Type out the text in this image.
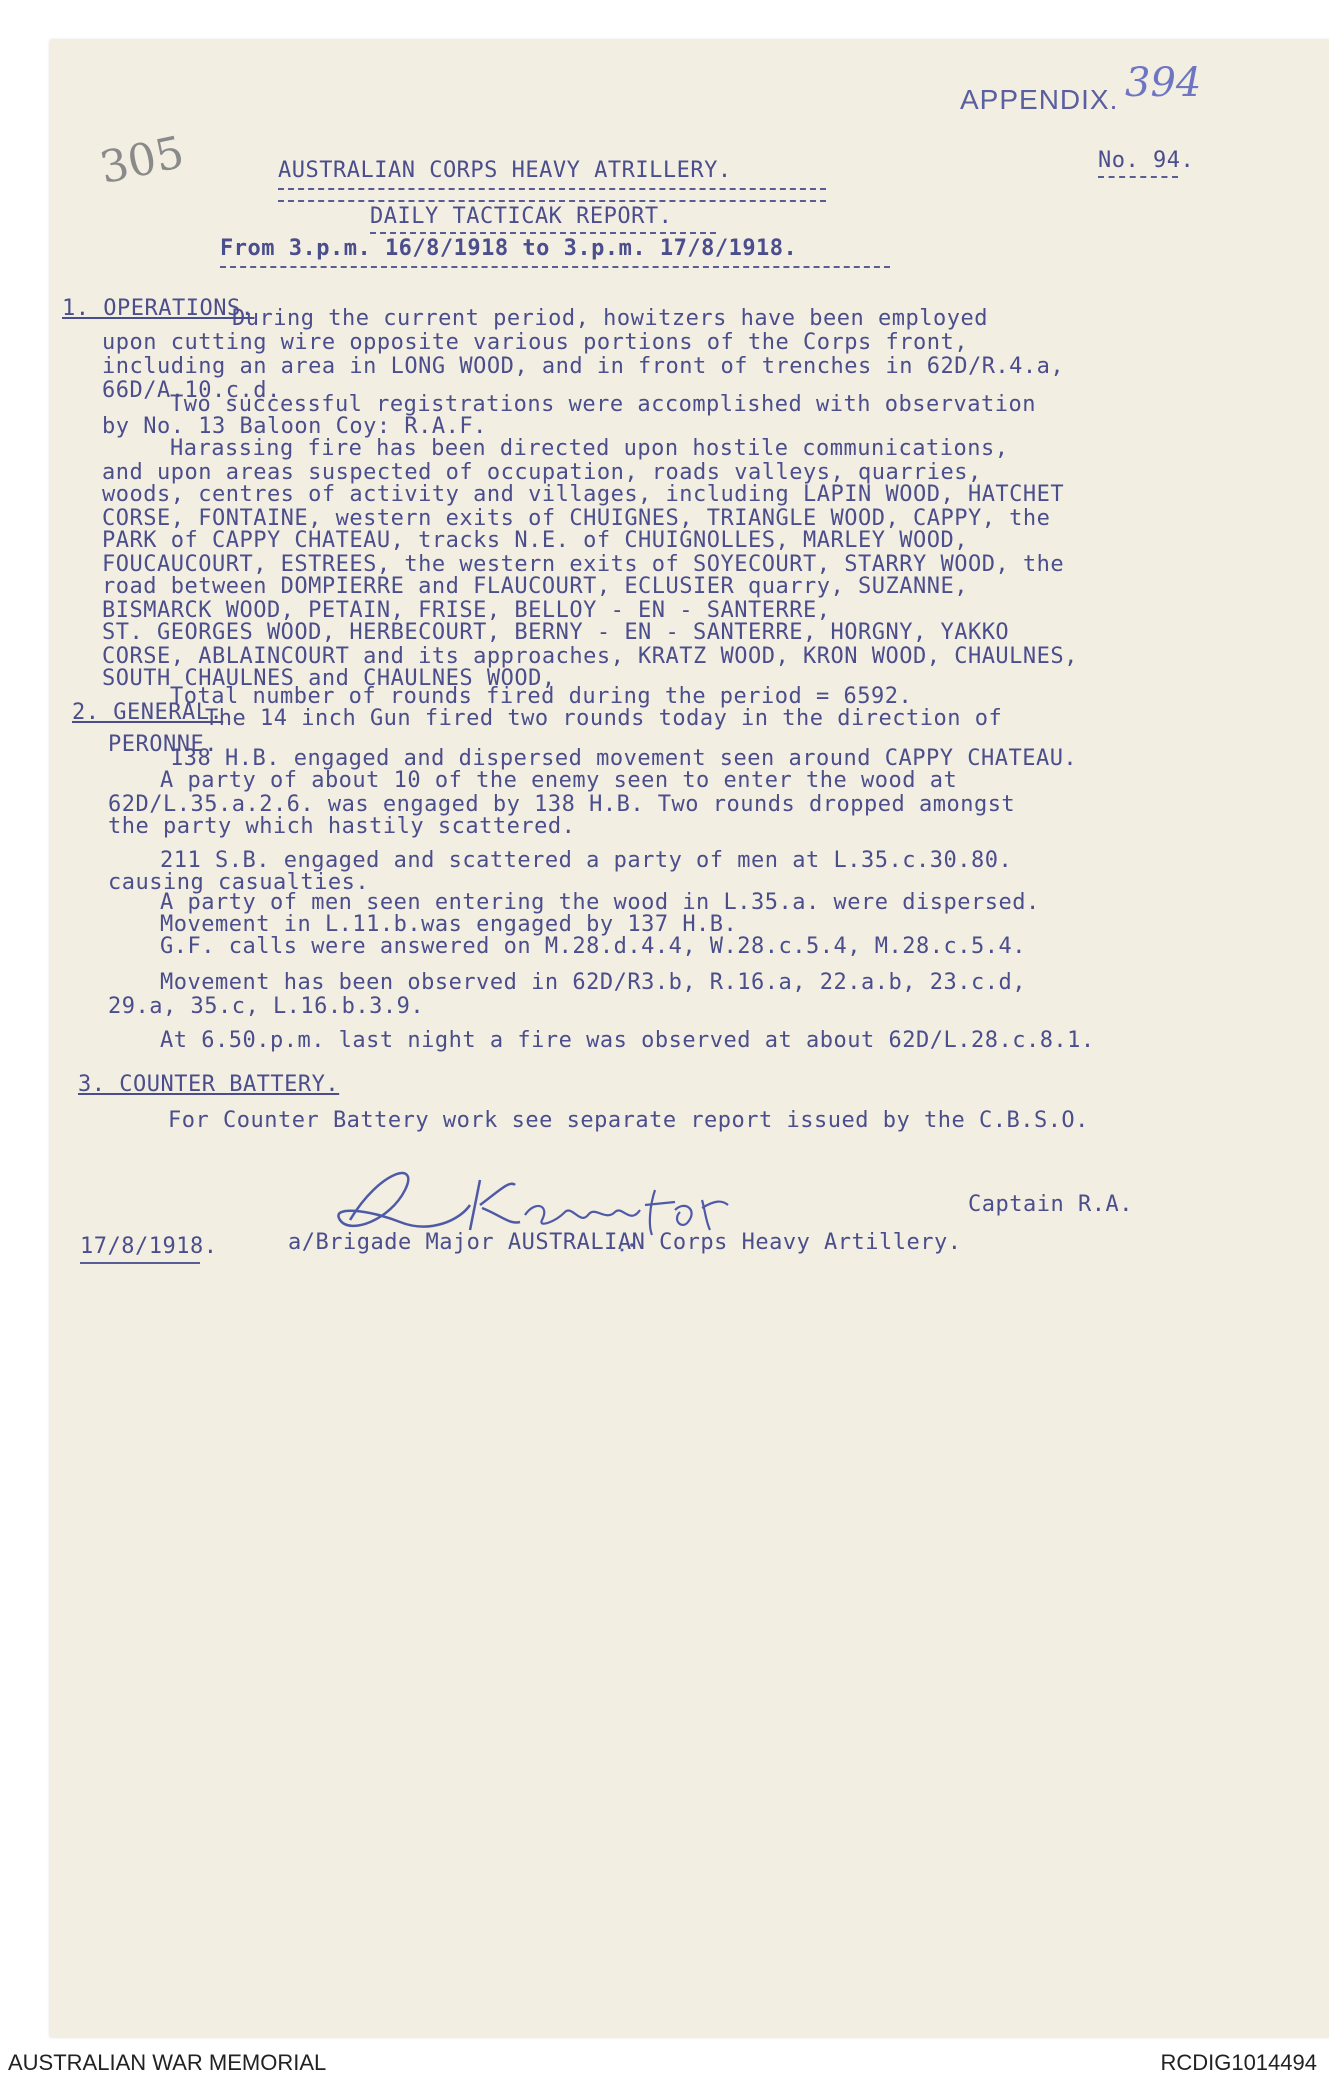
APPENDIX. 394
305	AUSTRALIAN CORPS HEAVY ATRILLERY.	No. 94.
DAILY TACTICAK REPORT.
From 3.p.m. 16/8/1918 to 3.p.m. 17/8/1918.
1. OPERATIONS.
During the current period, howitzers have been employed
upon cutting wire opposite various portions of the Corps front,
including an area in LONG WOOD, and in front of trenches in 62D/R.4.a,
66D/A.10.c.d.
Two successful registrations were accomplished with observation
by No. 13 Baloon Coy: R.A.F.
Harassing fire has been directed upon hostile communications,
and upon areas suspected of occupation, roads valleys, quarries,
woods, centres of activity and villages, including LAPIN WOOD, HATCHET
CORSE, FONTAINE, western exits of CHUIGNES, TRIANGLE WOOD, CAPPY, the
PARK of CAPPY CHATEAU, tracks N.E. of CHUIGNOLLES, MARLEY WOOD,
FOUCAUCOURT, ESTREES, the western exits of SOYECOURT, STARRY WOOD, the
road between DOMPIERRE and FLAUCOURT, ECLUSIER quarry, SUZANNE,
BISMARCK WOOD, PETAIN, FRISE, BELLOY - EN - SANTERRE,
ST. GEORGES WOOD, HERBECOURT, BERNY - EN - SANTERRE, HORGNY, YAKKO
CORSE, ABLAINCOURT and its approaches, KRATZ WOOD, KRON WOOD, CHAULNES,
SOUTH CHAULNES and CHAULNES WOOD,
Total number of rounds fired during the period = 6592.
2. GENERAL.
The 14 inch Gun fired two rounds today in the direction of
PERONNE.
138 H.B. engaged and dispersed movement seen around CAPPY CHATEAU.
A party of about 10 of the enemy seen to enter the wood at
62D/L.35.a.2.6. was engaged by 138 H.B. Two rounds dropped amongst
the party which hastily scattered.
211 S.B. engaged and scattered a party of men at L.35.c.30.80.
causing casualties.
A party of men seen entering the wood in L.35.a. were dispersed.
Movement in L.11.b.was engaged by 137 H.B.
G.F. calls were answered on M.28.d.4.4, W.28.c.5.4, M.28.c.5.4.
Movement has been observed in 62D/R3.b, R.16.a, 22.a.b, 23.c.d,
29.a, 35.c, L.16.b.3.9.
At 6.50.p.m. last night a fire was observed at about 62D/L.28.c.8.1.
3. COUNTER BATTERY.
For Counter Battery work see separate report issued by the C.B.S.O.
Captain R.A.
17/8/1918.	a/Brigade Major AUSTRALIAN Corps Heavy Artillery.
AUSTRALIAN WAR MEMORIAL	RCDIG1014494
